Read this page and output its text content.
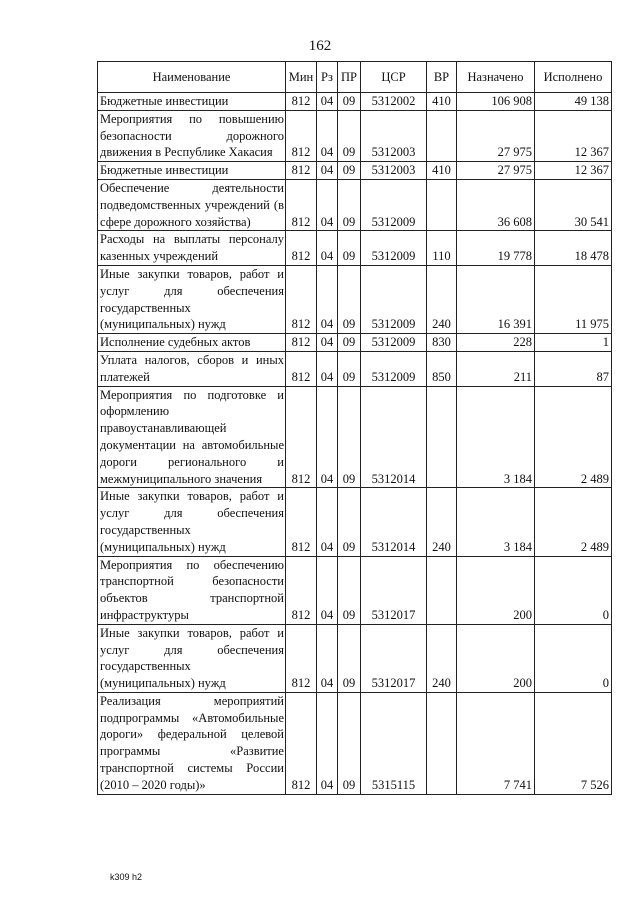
162
Наименование	Мин	Рз	ПР	ЦСР	ВР	Назначено	Исполнено
Бюджетные инвестиции	812	04	09	5312002	410	106 908	49 138
Мероприятия по повышению безопасности дорожного движения в Республике Хакасия	812	04	09	5312003		27 975	12 367
Бюджетные инвестиции	812	04	09	5312003	410	27 975	12 367
Обеспечение деятельности подведомственных учреждений (в сфере дорожного хозяйства)	812	04	09	5312009		36 608	30 541
Расходы на выплаты персоналу казенных учреждений	812	04	09	5312009	110	19 778	18 478
Иные закупки товаров, работ и услуг для обеспечения государственных (муниципальных) нужд	812	04	09	5312009	240	16 391	11 975
Исполнение судебных актов	812	04	09	5312009	830	228	1
Уплата налогов, сборов и иных платежей	812	04	09	5312009	850	211	87
Мероприятия по подготовке и оформлению правоустанавливающей документации на автомобильные дороги регионального и межмуниципального значения	812	04	09	5312014		3 184	2 489
Иные закупки товаров, работ и услуг для обеспечения государственных (муниципальных) нужд	812	04	09	5312014	240	3 184	2 489
Мероприятия по обеспечению транспортной безопасности объектов транспортной инфраструктуры	812	04	09	5312017		200	0
Иные закупки товаров, работ и услуг для обеспечения государственных (муниципальных) нужд	812	04	09	5312017	240	200	0
Реализация мероприятий подпрограммы «Автомобильные дороги» федеральной целевой программы «Развитие транспортной системы России (2010 – 2020 годы)»	812	04	09	5315115		7 741	7 526
k309 h2
